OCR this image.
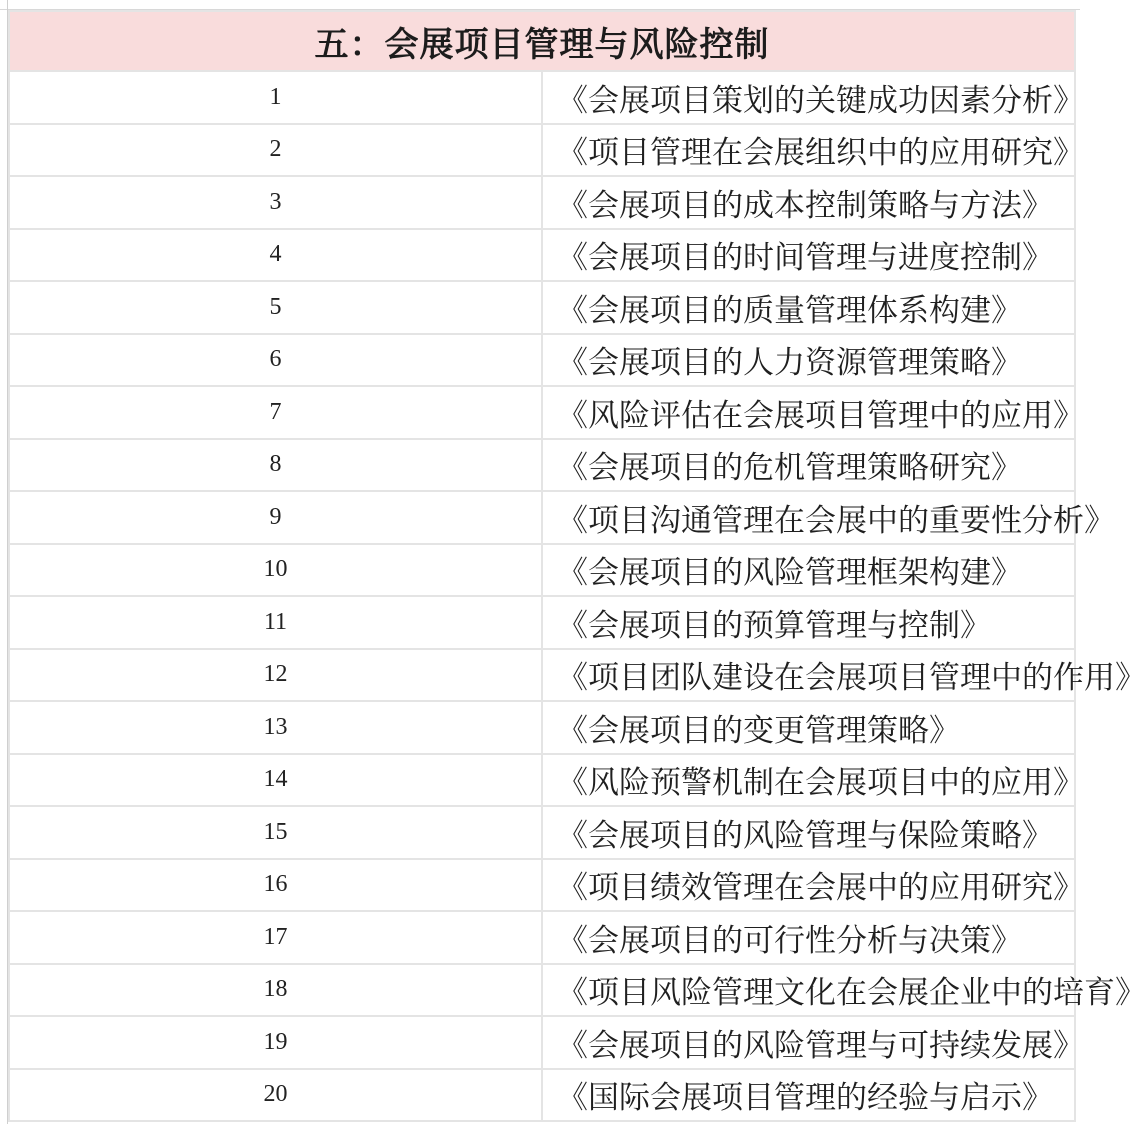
五：会展项目管理与风险控制	
1	《会展项目策划的关键成功因素分析》
2	《项目管理在会展组织中的应用研究》
3	《会展项目的成本控制策略与方法》
4	《会展项目的时间管理与进度控制》
5	《会展项目的质量管理体系构建》
6	《会展项目的人力资源管理策略》
7	《风险评估在会展项目管理中的应用》
8	《会展项目的危机管理策略研究》
9	《项目沟通管理在会展中的重要性分析》
10	《会展项目的风险管理框架构建》
11	《会展项目的预算管理与控制》
12	《项目团队建设在会展项目管理中的作用》
13	《会展项目的变更管理策略》
14	《风险预警机制在会展项目中的应用》
15	《会展项目的风险管理与保险策略》
16	《项目绩效管理在会展中的应用研究》
17	《会展项目的可行性分析与决策》
18	《项目风险管理文化在会展企业中的培育》
19	《会展项目的风险管理与可持续发展》
20	《国际会展项目管理的经验与启示》
